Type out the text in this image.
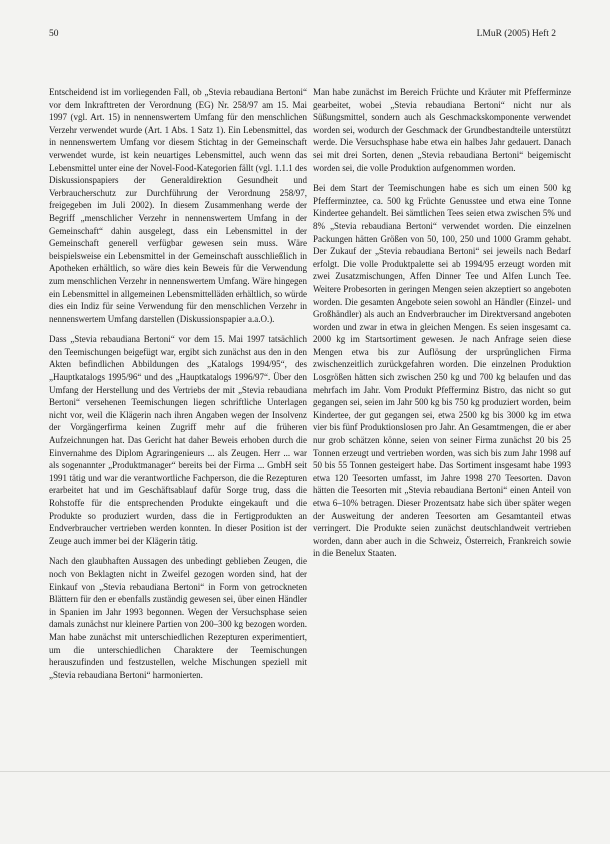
50	LMuR (2005) Heft 2

Entscheidend ist im vorliegenden Fall, ob „Stevia rebaudiana Bertoni“ vor dem Inkrafttreten der Verordnung (EG) Nr. 258/97 am 15. Mai 1997 (vgl. Art. 15) in nennenswertem Umfang für den menschlichen Verzehr verwendet wurde (Art. 1 Abs. 1 Satz 1). Ein Lebensmittel, das in nennenswertem Umfang vor diesem Stichtag in der Gemeinschaft verwendet wurde, ist kein neuartiges Lebensmittel, auch wenn das Lebensmittel unter eine der Novel-Food-Kategorien fällt (vgl. 1.1.1 des Diskussionspapiers der Generaldirektion Gesundheit und Verbraucherschutz zur Durchführung der Verordnung 258/97, freigegeben im Juli 2002). In diesem Zusammenhang werde der Begriff „menschlicher Verzehr in nennenswertem Umfang in der Gemeinschaft“ dahin ausgelegt, dass ein Lebensmittel in der Gemeinschaft generell verfügbar gewesen sein muss. Wäre beispielsweise ein Lebensmittel in der Gemeinschaft ausschließlich in Apotheken erhältlich, so wäre dies kein Beweis für die Verwendung zum menschlichen Verzehr in nennenswertem Umfang. Wäre hingegen ein Lebensmittel in allgemeinen Lebensmittelläden erhältlich, so würde dies ein Indiz für seine Verwendung für den menschlichen Verzehr in nennenswertem Umfang darstellen (Diskussionspapier a.a.O.).

Dass „Stevia rebaudiana Bertoni“ vor dem 15. Mai 1997 tatsächlich den Teemischungen beigefügt war, ergibt sich zunächst aus den in den Akten befindlichen Abbildungen des „Katalogs 1994/95“, des „Hauptkatalogs 1995/96“ und des „Hauptkatalogs 1996/97“. Über den Umfang der Herstellung und des Vertriebs der mit „Stevia rebaudiana Bertoni“ versehenen Teemischungen liegen schriftliche Unterlagen nicht vor, weil die Klägerin nach ihren Angaben wegen der Insolvenz der Vorgängerfirma keinen Zugriff mehr auf die früheren Aufzeichnungen hat. Das Gericht hat daher Beweis erhoben durch die Einvernahme des Diplom Agraringenieurs ... als Zeugen. Herr ... war als sogenannter „Produktmanager“ bereits bei der Firma ... GmbH seit 1991 tätig und war die verantwortliche Fachperson, die die Rezepturen erarbeitet hat und im Geschäftsablauf dafür Sorge trug, dass die Rohstoffe für die entsprechenden Produkte eingekauft und die Produkte so produziert wurden, dass die in Fertigprodukten an Endverbraucher vertrieben werden konnten. In dieser Position ist der Zeuge auch immer bei der Klägerin tätig.

Nach den glaubhaften Aussagen des unbedingt geblieben Zeugen, die noch von Beklagten nicht in Zweifel gezogen worden sind, hat der Einkauf von „Stevia rebaudiana Bertoni“ in Form von getrockneten Blättern für den er ebenfalls zuständig gewesen sei, über einen Händler in Spanien im Jahr 1993 begonnen. Wegen der Versuchsphase seien damals zunächst nur kleinere Partien von 200–300 kg bezogen worden. Man habe zunächst mit unterschiedlichen Rezepturen experimentiert, um die unterschiedlichen Charaktere der Teemischungen herauszufinden und festzustellen, welche Mischungen speziell mit „Stevia rebaudiana Bertoni“ harmonierten.

Man habe zunächst im Bereich Früchte und Kräuter mit Pfefferminze gearbeitet, wobei „Stevia rebaudiana Bertoni“ nicht nur als Süßungsmittel, sondern auch als Geschmackskomponente verwendet worden sei, wodurch der Geschmack der Grundbestandteile unterstützt werde. Die Versuchsphase habe etwa ein halbes Jahr gedauert. Danach sei mit drei Sorten, denen „Stevia rebaudiana Bertoni“ beigemischt worden sei, die volle Produktion aufgenommen worden.

Bei dem Start der Teemischungen habe es sich um einen 500 kg Pfefferminztee, ca. 500 kg Früchte Genusstee und etwa eine Tonne Kindertee gehandelt. Bei sämtlichen Tees seien etwa zwischen 5% und 8% „Stevia rebaudiana Bertoni“ verwendet worden. Die einzelnen Packungen hätten Größen von 50, 100, 250 und 1000 Gramm gehabt. Der Zukauf der „Stevia rebaudiana Bertoni“ sei jeweils nach Bedarf erfolgt. Die volle Produktpalette sei ab 1994/95 erzeugt worden mit zwei Zusatzmischungen, Affen Dinner Tee und Alfen Lunch Tee. Weitere Probesorten in geringen Mengen seien akzeptiert so angeboten worden. Die gesamten Angebote seien sowohl an Händler (Einzel- und Großhändler) als auch an Endverbraucher im Direktversand angeboten worden und zwar in etwa in gleichen Mengen. Es seien insgesamt ca. 2000 kg im Startsortiment gewesen. Je nach Anfrage seien diese Mengen etwa bis zur Auflösung der ursprünglichen Firma zwischenzeitlich zurückgefahren worden. Die einzelnen Produktion Losgrößen hätten sich zwischen 250 kg und 700 kg belaufen und das mehrfach im Jahr. Vom Produkt Pfefferminz Bistro, das nicht so gut gegangen sei, seien im Jahr 500 kg bis 750 kg produziert worden, beim Kindertee, der gut gegangen sei, etwa 2500 kg bis 3000 kg im etwa vier bis fünf Produktionslosen pro Jahr. An Gesamtmengen, die er aber nur grob schätzen könne, seien von seiner Firma zunächst 20 bis 25 Tonnen erzeugt und vertrieben worden, was sich bis zum Jahr 1998 auf 50 bis 55 Tonnen gesteigert habe. Das Sortiment insgesamt habe 1993 etwa 120 Teesorten umfasst, im Jahre 1998 270 Teesorten. Davon hätten die Teesorten mit „Stevia rebaudiana Bertoni“ einen Anteil von etwa 6–10% betragen. Dieser Prozentsatz habe sich über später wegen der Ausweitung der anderen Teesorten am Gesamtanteil etwas verringert. Die Produkte seien zunächst deutschlandweit vertrieben worden, dann aber auch in die Schweiz, Österreich, Frankreich sowie in die Benelux Staaten.
